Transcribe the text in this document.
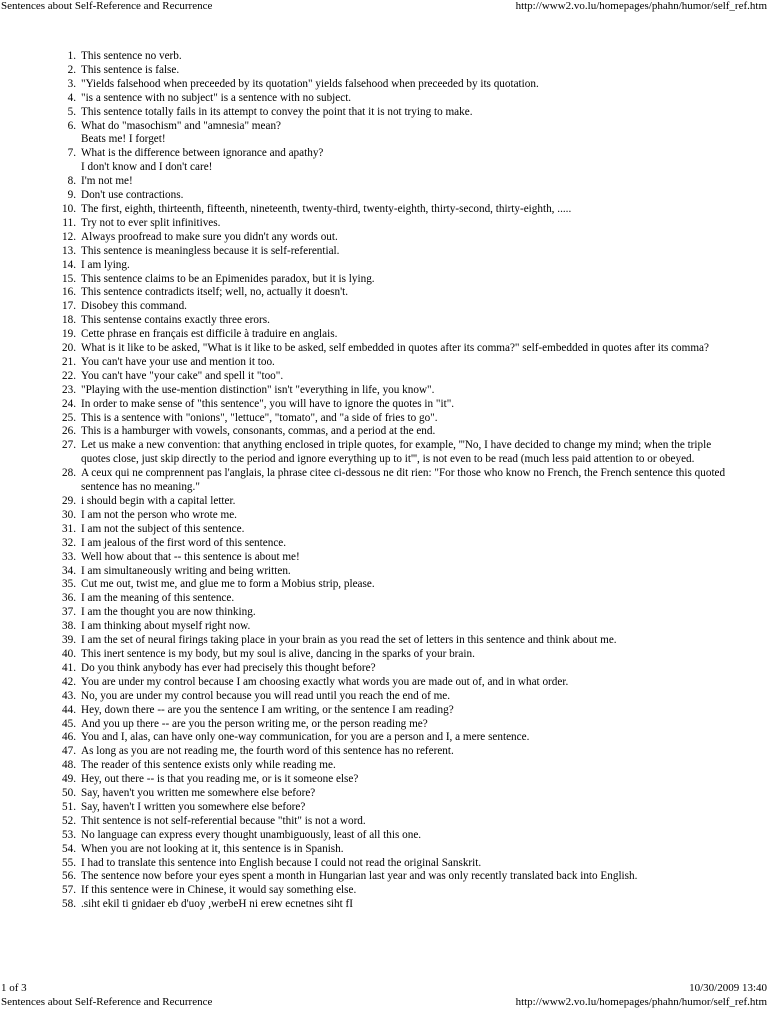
Sentences about Self-Reference and Recurrence	http://www2.vo.lu/homepages/phahn/humor/self_ref.htm
1. This sentence no verb.
2. This sentence is false.
3. "Yields falsehood when preceeded by its quotation" yields falsehood when preceeded by its quotation.
4. "is a sentence with no subject" is a sentence with no subject.
5. This sentence totally fails in its attempt to convey the point that it is not trying to make.
6. What do "masochism" and "amnesia" mean?
Beats me! I forget!
7. What is the difference between ignorance and apathy?
I don't know and I don't care!
8. I'm not me!
9. Don't use contractions.
10. The first, eighth, thirteenth, fifteenth, nineteenth, twenty-third, twenty-eighth, thirty-second, thirty-eighth, .....
11. Try not to ever split infinitives.
12. Always proofread to make sure you didn't any words out.
13. This sentence is meaningless because it is self-referential.
14. I am lying.
15. This sentence claims to be an Epimenides paradox, but it is lying.
16. This sentence contradicts itself; well, no, actually it doesn't.
17. Disobey this command.
18. This sentense contains exactly three erors.
19. Cette phrase en français est difficile à traduire en anglais.
20. What is it like to be asked, "What is it like to be asked, self embedded in quotes after its comma?" self-embedded in quotes after its comma?
21. You can't have your use and mention it too.
22. You can't have "your cake" and spell it "too".
23. "Playing with the use-mention distinction" isn't "everything in life, you know".
24. In order to make sense of "this sentence", you will have to ignore the quotes in "it".
25. This is a sentence with "onions", "lettuce", "tomato", and "a side of fries to go".
26. This is a hamburger with vowels, consonants, commas, and a period at the end.
27. Let us make a new convention: that anything enclosed in triple quotes, for example, '''No, I have decided to change my mind; when the triple quotes close, just skip directly to the period and ignore everything up to it''', is not even to be read (much less paid attention to or obeyed.
28. A ceux qui ne comprennent pas l'anglais, la phrase citee ci-dessous ne dit rien: "For those who know no French, the French sentence this quoted sentence has no meaning."
29. i should begin with a capital letter.
30. I am not the person who wrote me.
31. I am not the subject of this sentence.
32. I am jealous of the first word of this sentence.
33. Well how about that -- this sentence is about me!
34. I am simultaneously writing and being written.
35. Cut me out, twist me, and glue me to form a Mobius strip, please.
36. I am the meaning of this sentence.
37. I am the thought you are now thinking.
38. I am thinking about myself right now.
39. I am the set of neural firings taking place in your brain as you read the set of letters in this sentence and think about me.
40. This inert sentence is my body, but my soul is alive, dancing in the sparks of your brain.
41. Do you think anybody has ever had precisely this thought before?
42. You are under my control because I am choosing exactly what words you are made out of, and in what order.
43. No, you are under my control because you will read until you reach the end of me.
44. Hey, down there -- are you the sentence I am writing, or the sentence I am reading?
45. And you up there -- are you the person writing me, or the person reading me?
46. You and I, alas, can have only one-way communication, for you are a person and I, a mere sentence.
47. As long as you are not reading me, the fourth word of this sentence has no referent.
48. The reader of this sentence exists only while reading me.
49. Hey, out there -- is that you reading me, or is it someone else?
50. Say, haven't you written me somewhere else before?
51. Say, haven't I written you somewhere else before?
52. Thit sentence is not self-referential because "thit" is not a word.
53. No language can express every thought unambiguously, least of all this one.
54. When you are not looking at it, this sentence is in Spanish.
55. I had to translate this sentence into English because I could not read the original Sanskrit.
56. The sentence now before your eyes spent a month in Hungarian last year and was only recently translated back into English.
57. If this sentence were in Chinese, it would say something else.
58. .siht ekil ti gnidaer eb d'uoy ,werbeH ni erew ecnetnes siht fI
1 of 3	10/30/2009 13:40
Sentences about Self-Reference and Recurrence	http://www2.vo.lu/homepages/phahn/humor/self_ref.htm
